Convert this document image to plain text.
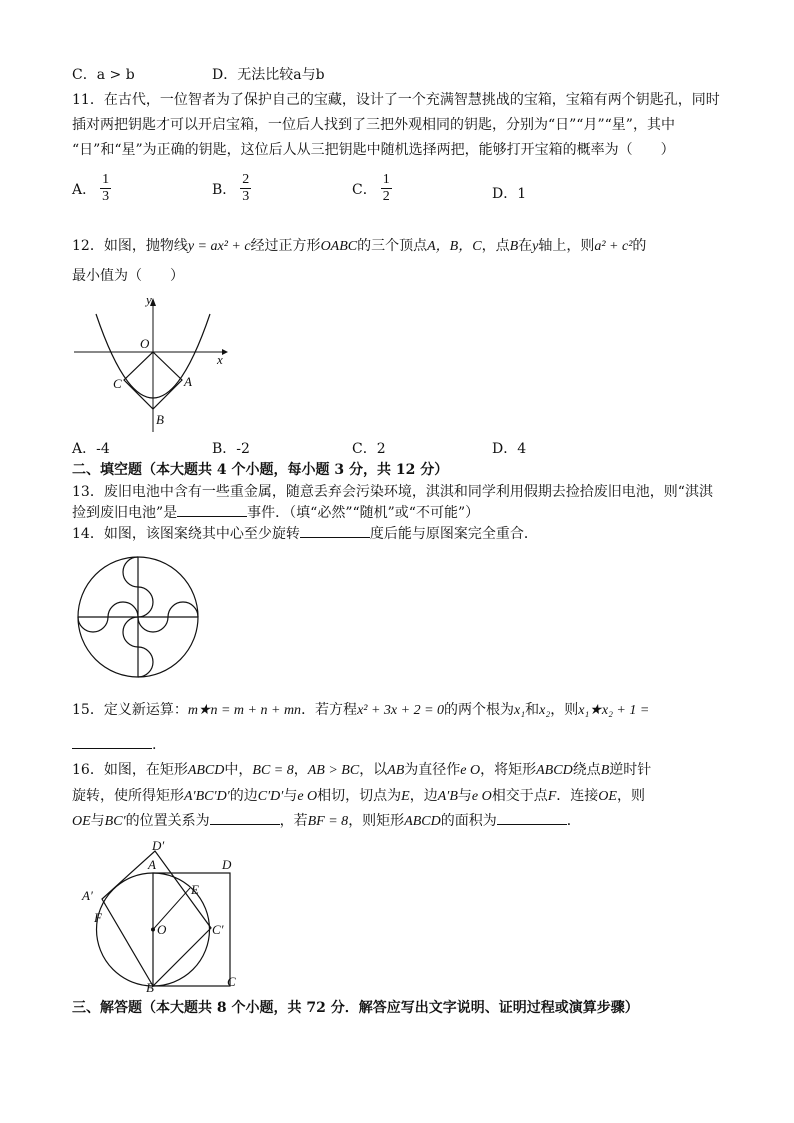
C．a > b	D．无法比较a与b
11．在古代，一位智者为了保护自己的宝藏，设计了一个充满智慧挑战的宝箱，宝箱有两个钥匙孔，同时
插对两把钥匙才可以开启宝箱，一位后人找到了三把外观相同的钥匙，分别为“日”“月”“星”，其中
“日”和“星”为正确的钥匙，这位后人从三把钥匙中随机选择两把，能够打开宝箱的概率为（　　）
A． $\frac{1}{3}$	B． $\frac{2}{3}$	C． $\frac{1}{2}$	D．1
12．如图，抛物线y = ax² + c经过正方形OABC的三个顶点A，B，C，点B在y轴上，则a² + c²的
最小值为（　　）
y
x
O
A
B
C
A．-4	B．-2	C．2	D．4
二、填空题（本大题共 4 个小题，每小题 3 分，共 12 分）
13．废旧电池中含有一些重金属，随意丢弃会污染环境，淇淇和同学利用假期去捡拾废旧电池，则“淇淇
捡到废旧电池”是	事件．（填“必然”“随机”或“不可能”）
14．如图，该图案绕其中心至少旋转	度后能与原图案完全重合．
15．定义新运算：m★n = m + n + mn．若方程x² + 3x + 2 = 0的两个根为x₁和x₂，则x₁★x₂ + 1 =
.
16．如图，在矩形ABCD中，BC = 8，AB > BC，以AB为直径作e O，将矩形ABCD绕点B逆时针
旋转，使所得矩形A′BC′D′的边C′D′与e O相切，切点为E，边A′B与e O相交于点F．连接OE，则
OE与BC′的位置关系为	，若BF = 8，则矩形ABCD的面积为	．
D′
A	D
A′	E
F
O	C′
B	C
三、解答题（本大题共 8 个小题，共 72 分．解答应写出文字说明、证明过程或演算步骤）
